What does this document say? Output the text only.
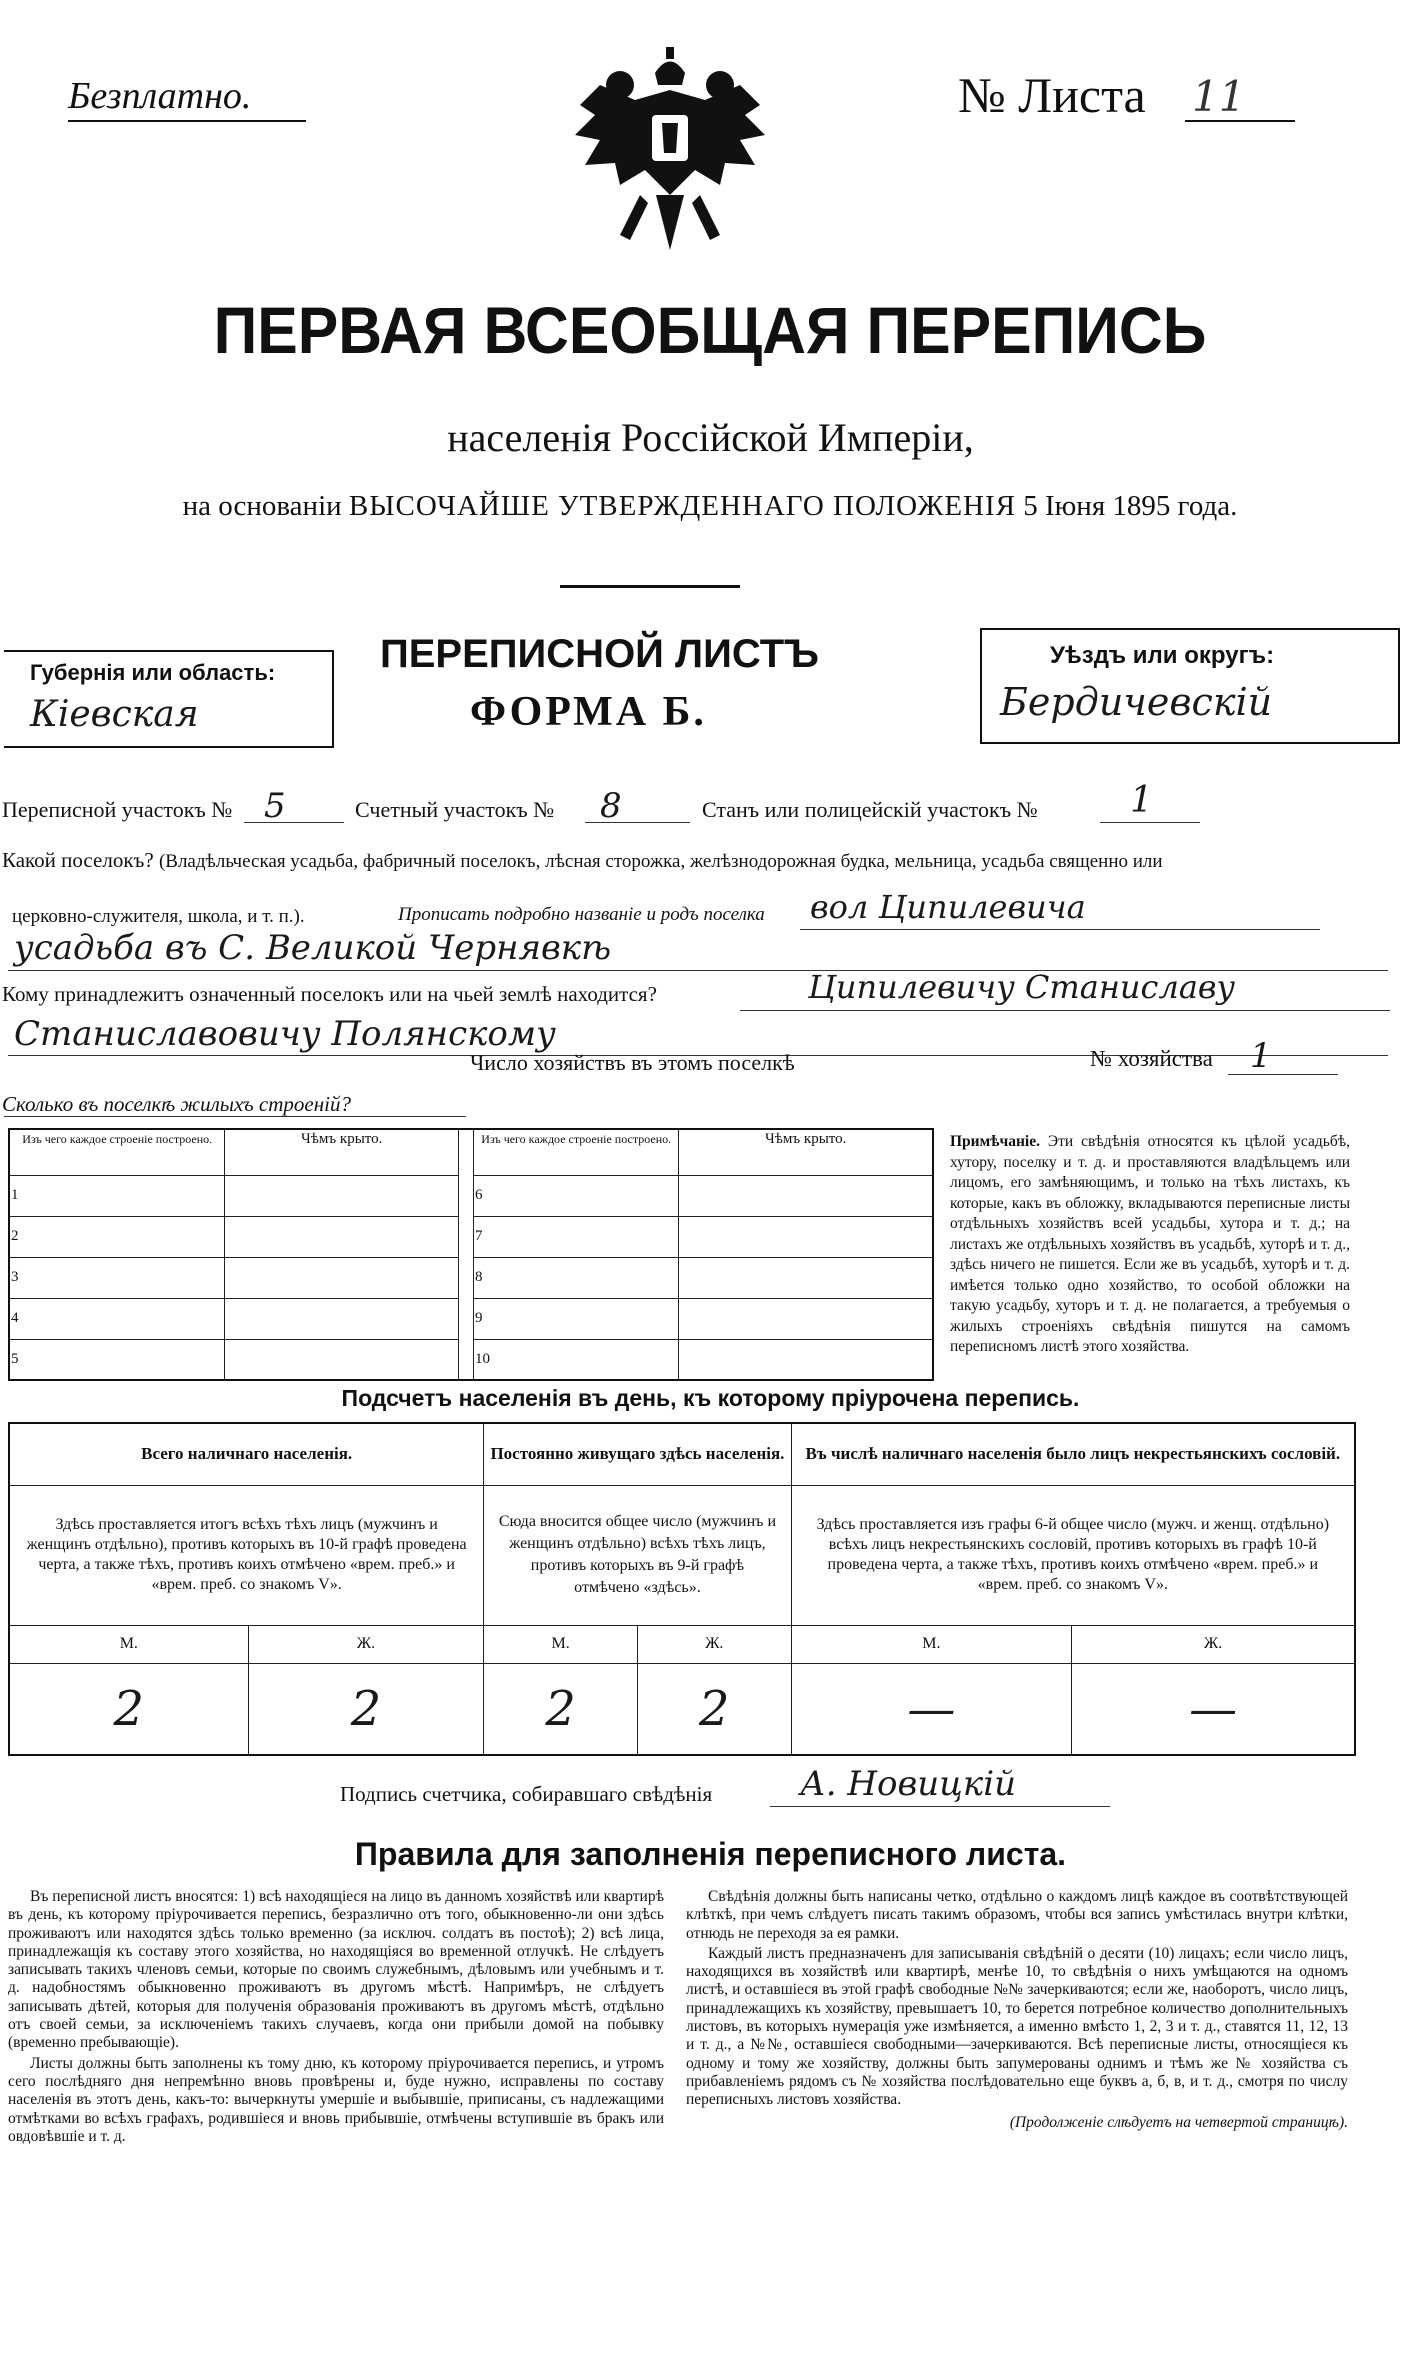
Безплатно.	№ Листа 11
ПЕРВАЯ ВСЕОБЩАЯ ПЕРЕПИСЬ
населенія Россійской Имперіи,
на основаніи ВЫСОЧАЙШЕ УТВЕРЖДЕННАГО ПОЛОЖЕНІЯ 5 Іюня 1895 года.
Губернія или область:
Кіевская
ПЕРЕПИСНОЙ ЛИСТЪ
ФОРМА Б.
Уѣздъ или округъ:
Бердичевскій
Переписной участокъ № 5	Счетный участокъ № 8	Станъ или полицейскій участокъ №	1
Какой поселокъ? (Владѣльческая усадьба, фабричный поселокъ, лѣсная сторожка, желѣзнодорожная будка, мельница, усадьба священно или
церковно-служителя, школа, и т. п.).	Прописать подробно названіе и родъ поселка вол Ципилевича
усадьба въ С. Великой Чернявкѣ
Кому принадлежитъ означенный поселокъ или на чьей землѣ находится?	Ципилевичу Станиславу
Станиславовичу Полянскому
Число хозяйствъ въ этомъ поселкѣ	№ хозяйства 1
Сколько въ поселкѣ жилыхъ строеній?
Изъ чего каждое строеніе построено.	Чѣмъ крыто.		Изъ чего каждое строеніе построено.	Чѣмъ крыто.
1			6	
2			7	
3			8	
4			9	
5			10	
Примѣчаніе. Эти свѣдѣнія относятся къ цѣлой усадьбѣ, хутору, поселку и т. д. и проставляются владѣльцемъ или лицомъ, его замѣняющимъ, и только на тѣхъ листахъ, къ которые, какъ въ обложку, вкладываются переписные листы отдѣльныхъ хозяйствъ всей усадьбы, хутора и т. д.; на листахъ же отдѣльныхъ хозяйствъ въ усадьбѣ, хуторѣ и т. д., здѣсь ничего не пишется. Если же въ усадьбѣ, хуторѣ и т. д. имѣется только одно хозяйство, то особой обложки на такую усадьбу, хуторъ и т. д. не полагается, а требуемыя о жилыхъ строеніяхъ свѣдѣнія пишутся на самомъ переписномъ листѣ этого хозяйства.
Подсчетъ населенія въ день, къ которому пріурочена перепись.
Всего наличнаго населенія.		Постоянно живущаго здѣсь населенія.		Въ числѣ наличнаго населенія было лицъ некрестьянскихъ сословій.	
Здѣсь проставляется итогъ всѣхъ тѣхъ лицъ (мужчинъ и женщинъ отдѣльно), противъ которыхъ въ 10-й графѣ проведена черта, а также тѣхъ, противъ коихъ отмѣчено «врем. преб.» и «врем. преб. со знакомъ V».		Сюда вносится общее число (мужчинъ и женщинъ отдѣльно) всѣхъ тѣхъ лицъ, противъ которыхъ въ 9-й графѣ отмѣчено «здѣсь».		Здѣсь проставляется изъ графы 6-й общее число (мужч. и женщ. отдѣльно) всѣхъ лицъ некрестьянскихъ сословій, противъ которыхъ въ графѣ 10-й проведена черта, а также тѣхъ, противъ коихъ отмѣчено «врем. преб.» и «врем. преб. со знакомъ V».	
М.	Ж.	М.	Ж.	М.	Ж.
2	2	2	2	—	—
Подпись счетчика, собиравшаго свѣдѣнія	А. Новицкій
Правила для заполненія переписного листа.

Въ переписной листъ вносятся: 1) всѣ находящіеся на лицо въ данномъ хозяйствѣ или квартирѣ въ день, къ которому пріурочивается перепись, безразлично отъ того, обыкновенно-ли они здѣсь проживаютъ или находятся здѣсь только временно (за исключ. солдатъ въ постоѣ); 2) всѣ лица, принадлежащія къ составу этого хозяйства, но находящіяся во временной отлучкѣ. Не слѣдуетъ записывать такихъ членовъ семьи, которые по своимъ служебнымъ, дѣловымъ или учебнымъ и т. д. надобностямъ обыкновенно проживаютъ въ другомъ мѣстѣ. Напримѣръ, не слѣдуетъ записывать дѣтей, которыя для полученія образованія проживаютъ въ другомъ мѣстѣ, отдѣльно отъ своей семьи, за исключеніемъ такихъ случаевъ, когда они прибыли домой на побывку (временно пребывающіе).

Листы должны быть заполнены къ тому дню, къ которому пріурочивается перепись, и утромъ сего послѣдняго дня непремѣнно вновь провѣрены и, буде нужно, исправлены по составу населенія въ этотъ день, какъ-то: вычеркнуты умершіе и выбывшіе, приписаны, съ надлежащими отмѣтками во всѣхъ графахъ, родившіеся и вновь прибывшіе, отмѣчены вступившіе въ бракъ или овдовѣвшіе и т. д.

Свѣдѣнія должны быть написаны четко, отдѣльно о каждомъ лицѣ каждое въ соотвѣтствующей клѣткѣ, при чемъ слѣдуетъ писать такимъ образомъ, чтобы вся запись умѣстилась внутри клѣтки, отнюдь не переходя за ея рамки.

Каждый листъ предназначенъ для записыванія свѣдѣній о десяти (10) лицахъ; если число лицъ, находящихся въ хозяйствѣ или квартирѣ, менѣе 10, то свѣдѣнія о нихъ умѣщаются на одномъ листѣ, и оставшіеся въ этой графѣ свободные №№ зачеркиваются; если же, наоборотъ, число лицъ, принадлежащихъ къ хозяйству, превышаетъ 10, то берется потребное количество дополнительныхъ листовъ, въ которыхъ нумерація уже измѣняется, а именно вмѣсто 1, 2, 3 и т. д., ставятся 11, 12, 13 и т. д., а №№, оставшіеся свободными—зачеркиваются. Всѣ переписные листы, относящіеся къ одному и тому же хозяйству, должны быть запумерованы однимъ и тѣмъ же № хозяйства съ прибавленіемъ рядомъ съ № хозяйства послѣдовательно еще буквъ а, б, в, и т. д., смотря по числу переписныхъ листовъ хозяйства.

(Продолженіе слѣдуетъ на четвертой страницѣ).
